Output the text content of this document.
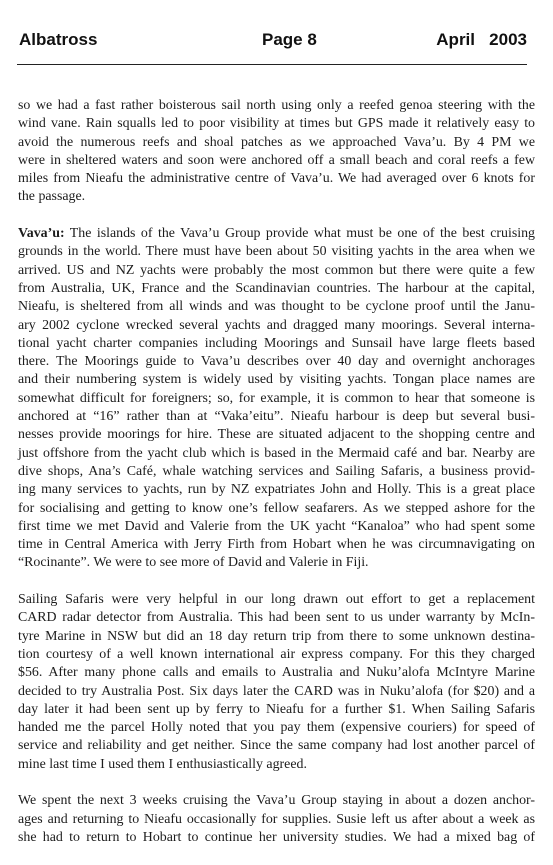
Albatross	Page 8	April   2003

so we had a fast rather boisterous sail north using only a reefed genoa steering with the
wind vane. Rain squalls led to poor visibility at times but GPS made it relatively easy to
avoid the numerous reefs and shoal patches as we approached Vava’u. By 4 PM we
were in sheltered waters and soon were anchored off a small beach and coral reefs a few
miles from Nieafu the administrative centre of Vava’u. We had averaged over 6 knots for
the passage.

Vava’u: The islands of the Vava’u Group provide what must be one of the best cruising
grounds in the world. There must have been about 50 visiting yachts in the area when we
arrived. US and NZ yachts were probably the most common but there were quite a few
from Australia, UK, France and the Scandinavian countries. The harbour at the capital,
Nieafu, is sheltered from all winds and was thought to be cyclone proof until the Janu-
ary 2002 cyclone wrecked several yachts and dragged many moorings. Several interna-
tional yacht charter companies including Moorings and Sunsail have large fleets based
there. The Moorings guide to Vava’u describes over 40 day and overnight anchorages
and their numbering system is widely used by visiting yachts. Tongan place names are
somewhat difficult for foreigners; so, for example, it is common to hear that someone is
anchored at “16” rather than at “Vaka’eitu”. Nieafu harbour is deep but several busi-
nesses provide moorings for hire. These are situated adjacent to the shopping centre and
just offshore from the yacht club which is based in the Mermaid café and bar. Nearby are
dive shops, Ana’s Café, whale watching services and Sailing Safaris, a business provid-
ing many services to yachts, run by NZ expatriates John and Holly. This is a great place
for socialising and getting to know one’s fellow seafarers. As we stepped ashore for the
first time we met David and Valerie from the UK yacht “Kanaloa” who had spent some
time in Central America with Jerry Firth from Hobart when he was circumnavigating on
“Rocinante”. We were to see more of David and Valerie in Fiji.

Sailing Safaris were very helpful in our long drawn out effort to get a replacement
CARD radar detector from Australia. This had been sent to us under warranty by McIn-
tyre Marine in NSW but did an 18 day return trip from there to some unknown destina-
tion courtesy of a well known international air express company. For this they charged
$56. After many phone calls and emails to Australia and Nuku’alofa McIntyre Marine
decided to try Australia Post. Six days later the CARD was in Nuku’alofa (for $20) and a
day later it had been sent up by ferry to Nieafu for a further $1. When Sailing Safaris
handed me the parcel Holly noted that you pay them (expensive couriers) for speed of
service and reliability and get neither. Since the same company had lost another parcel of
mine last time I used them I enthusiastically agreed.

We spent the next 3 weeks cruising the Vava’u Group staying in about a dozen anchor-
ages and returning to Nieafu occasionally for supplies. Susie left us after about a week as
she had to return to Hobart to continue her university studies. We had a mixed bag of
